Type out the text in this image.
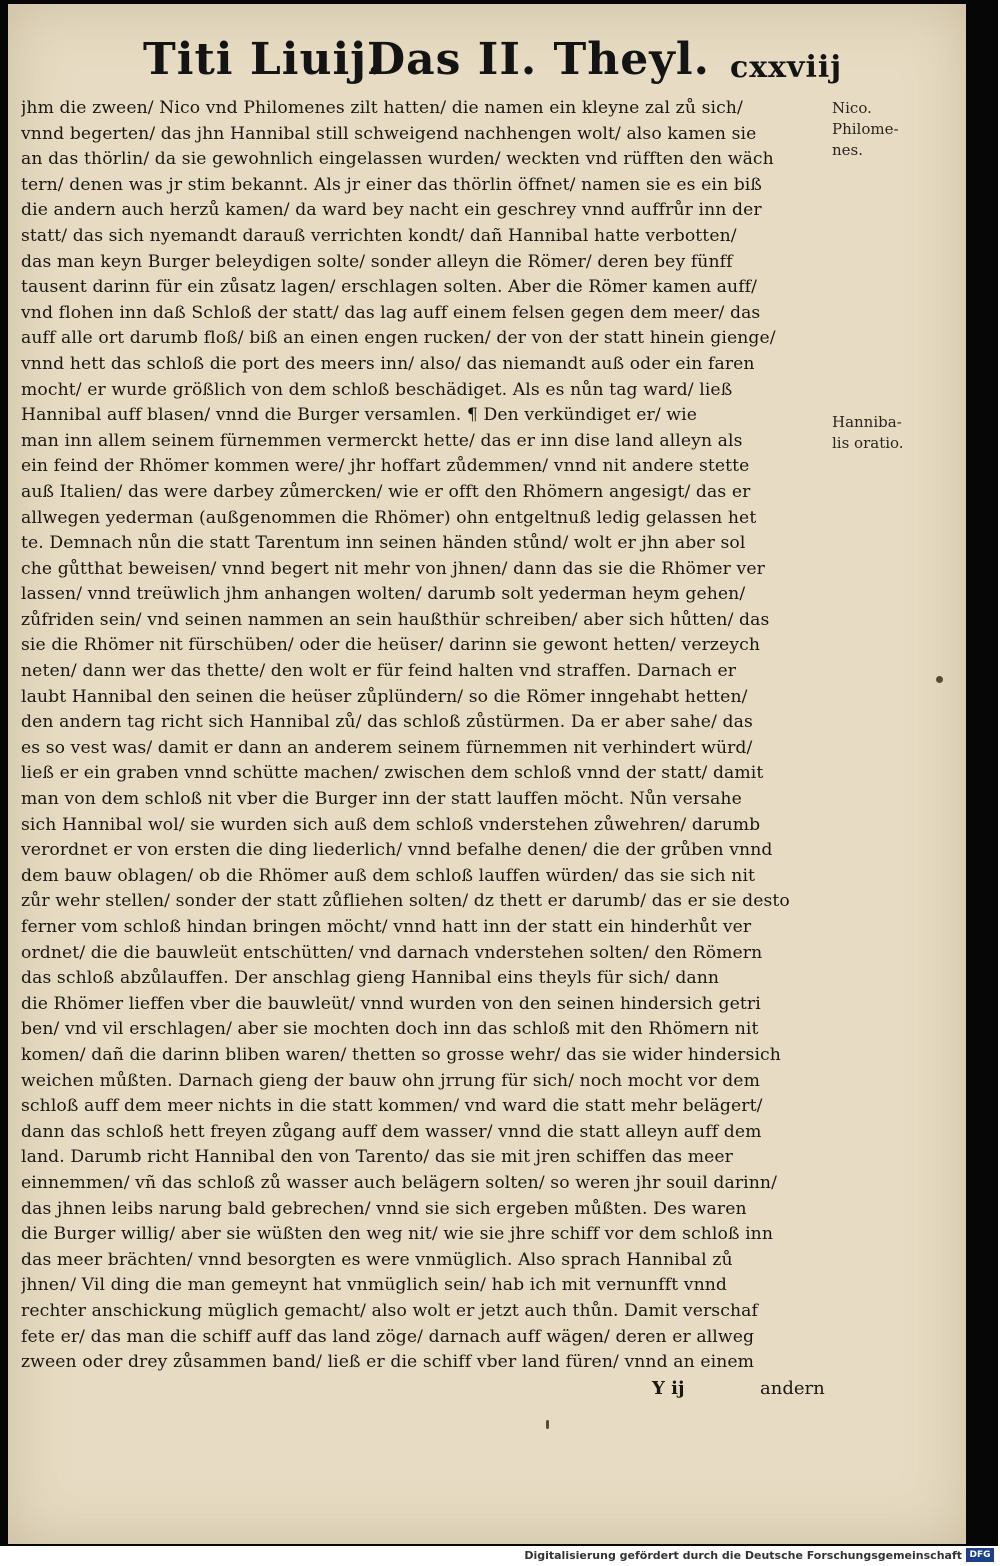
Titi Liuij.
Das II. Theyl. cxxviij
jhm die zween/ Nico vnd Philomenes zilt hatten/ die namen ein kleyne zal zů sich/
vnnd begerten/ das jhn Hannibal still schweigend nachhengen wolt/ also kamen sie
an das thörlin/ da sie gewohnlich eingelassen wurden/ weckten vnd rüfften den wäch
tern/ denen was jr stim bekannt. Als jr einer das thörlin öffnet/ namen sie es ein biß
die andern auch herzů kamen/ da ward bey nacht ein geschrey vnnd auffrůr inn der
statt/ das sich nyemandt darauß verrichten kondt/ dañ Hannibal hatte verbotten/
das man keyn Burger beleydigen solte/ sonder alleyn die Römer/ deren bey fünff
tausent darinn für ein zůsatz lagen/ erschlagen solten. Aber die Römer kamen auff/
vnd flohen inn daß Schloß der statt/ das lag auff einem felsen gegen dem meer/ das
auff alle ort darumb floß/ biß an einen engen rucken/ der von der statt hinein gienge/
vnnd hett das schloß die port des meers inn/ also/ das niemandt auß oder ein faren
mocht/ er wurde größlich von dem schloß beschädiget. Als es nůn tag ward/ ließ
Hannibal auff blasen/ vnnd die Burger versamlen. ¶ Den verkündiget er/ wie
man inn allem seinem fürnemmen vermerckt hette/ das er inn dise land alleyn als
ein feind der Rhömer kommen were/ jhr hoffart zůdemmen/ vnnd nit andere stette
auß Italien/ das were darbey zůmercken/ wie er offt den Rhömern angesigt/ das er
allwegen yederman (außgenommen die Rhömer) ohn entgeltnuß ledig gelassen het
te. Demnach nůn die statt Tarentum inn seinen händen stůnd/ wolt er jhn aber sol
che gůtthat beweisen/ vnnd begert nit mehr von jhnen/ dann das sie die Rhömer ver
lassen/ vnnd treüwlich jhm anhangen wolten/ darumb solt yederman heym gehen/
zůfriden sein/ vnd seinen nammen an sein haußthür schreiben/ aber sich hůtten/ das
sie die Rhömer nit fürschüben/ oder die heüser/ darinn sie gewont hetten/ verzeych
neten/ dann wer das thette/ den wolt er für feind halten vnd straffen. Darnach er
laubt Hannibal den seinen die heüser zůplündern/ so die Römer inngehabt hetten/
den andern tag richt sich Hannibal zů/ das schloß zůstürmen. Da er aber sahe/ das
es so vest was/ damit er dann an anderem seinem fürnemmen nit verhindert würd/
ließ er ein graben vnnd schütte machen/ zwischen dem schloß vnnd der statt/ damit
man von dem schloß nit vber die Burger inn der statt lauffen möcht. Nůn versahe
sich Hannibal wol/ sie wurden sich auß dem schloß vnderstehen zůwehren/ darumb
verordnet er von ersten die ding liederlich/ vnnd befalhe denen/ die der grůben vnnd
dem bauw oblagen/ ob die Rhömer auß dem schloß lauffen würden/ das sie sich nit
zůr wehr stellen/ sonder der statt zůfliehen solten/ dz thett er darumb/ das er sie desto
ferner vom schloß hindan bringen möcht/ vnnd hatt inn der statt ein hinderhůt ver
ordnet/ die die bauwleüt entschütten/ vnd darnach vnderstehen solten/ den Römern
das schloß abzůlauffen. Der anschlag gieng Hannibal eins theyls für sich/ dann
die Rhömer lieffen vber die bauwleüt/ vnnd wurden von den seinen hindersich getri
ben/ vnd vil erschlagen/ aber sie mochten doch inn das schloß mit den Rhömern nit
komen/ dañ die darinn bliben waren/ thetten so grosse wehr/ das sie wider hindersich
weichen můßten. Darnach gieng der bauw ohn jrrung für sich/ noch mocht vor dem
schloß auff dem meer nichts in die statt kommen/ vnd ward die statt mehr belägert/
dann das schloß hett freyen zůgang auff dem wasser/ vnnd die statt alleyn auff dem
land. Darumb richt Hannibal den von Tarento/ das sie mit jren schiffen das meer
einnemmen/ vñ das schloß zů wasser auch belägern solten/ so weren jhr souil darinn/
das jhnen leibs narung bald gebrechen/ vnnd sie sich ergeben můßten. Des waren
die Burger willig/ aber sie wüßten den weg nit/ wie sie jhre schiff vor dem schloß inn
das meer brächten/ vnnd besorgten es were vnmüglich. Also sprach Hannibal zů
jhnen/ Vil ding die man gemeynt hat vnmüglich sein/ hab ich mit vernunfft vnnd
rechter anschickung müglich gemacht/ also wolt er jetzt auch thůn. Damit verschaf
fete er/ das man die schiff auff das land zöge/ darnach auff wägen/ deren er allweg
zween oder drey zůsammen band/ ließ er die schiff vber land füren/ vnnd an einem
Nico.
Philome-
nes.
Hanniba-
lis oratio.
Y ij	andern
Digitalisierung gefördert durch die Deutsche Forschungsgemeinschaft DFG
